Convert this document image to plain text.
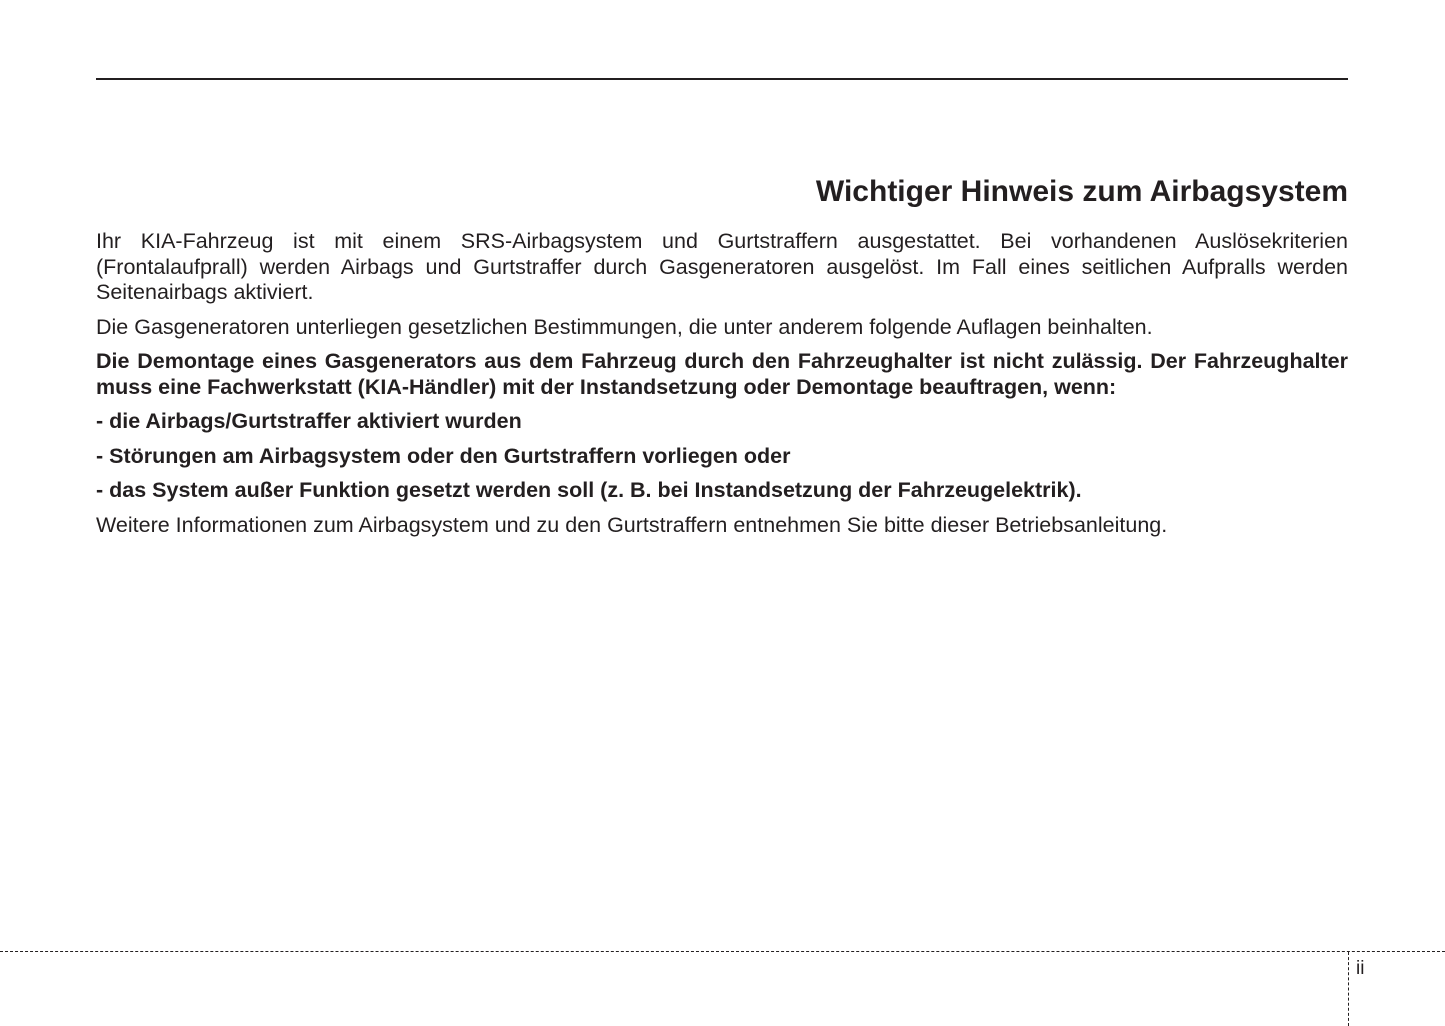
Wichtiger Hinweis zum Airbagsystem

Ihr KIA-Fahrzeug ist mit einem SRS-Airbagsystem und Gurtstraffern ausgestattet. Bei vorhandenen Auslösekriterien (Frontalaufprall) werden Airbags und Gurtstraffer durch Gasgeneratoren ausgelöst. Im Fall eines seitlichen Aufpralls werden Seitenairbags aktiviert.

Die Gasgeneratoren unterliegen gesetzlichen Bestimmungen, die unter anderem folgende Auflagen beinhalten.

Die Demontage eines Gasgenerators aus dem Fahrzeug durch den Fahrzeughalter ist nicht zulässig. Der Fahrzeughalter muss eine Fachwerkstatt (KIA-Händler) mit der Instandsetzung oder Demontage beauftragen, wenn:

- die Airbags/Gurtstraffer aktiviert wurden

- Störungen am Airbagsystem oder den Gurtstraffern vorliegen oder

- das System außer Funktion gesetzt werden soll (z. B. bei Instandsetzung der Fahrzeugelektrik).

Weitere Informationen zum Airbagsystem und zu den Gurtstraffern entnehmen Sie bitte dieser Betriebsanleitung.

ii
